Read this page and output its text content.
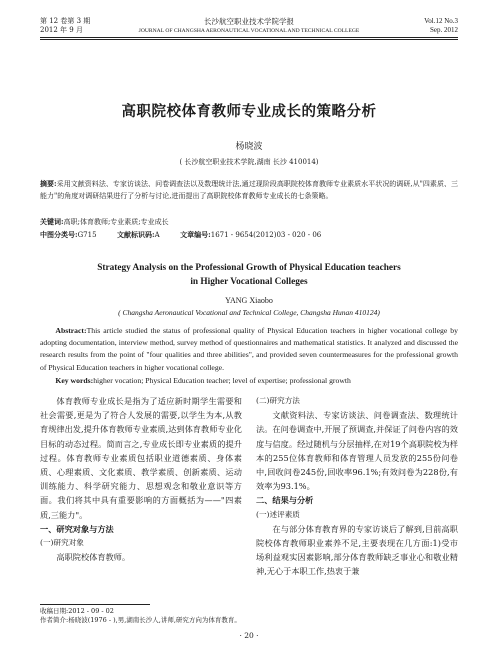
第 12 卷第 3 期
2012 年 9 月
长沙航空职业技术学院学报
JOURNAL OF CHANGSHA AERONAUTICAL VOCATIONAL AND TECHNICAL COLLEGE
Vol.12 No.3
Sep. 2012
高职院校体育教师专业成长的策略分析
杨晓波
( 长沙航空职业技术学院,湖南 长沙 410014)
摘要:采用文献资料法、专家访谈法、问卷调查法以及数理统计法,通过现阶段高职院校体育教师专业素质水平状况的调研,从"四素质、三能力"的角度对调研结果进行了分析与讨论,进而提出了高职院校体育教师专业成长的七条策略。
关键词:高职;体育教师;专业素质;专业成长
中图分类号:G715	文献标识码:A	文章编号:1671 - 9654(2012)03 - 020 - 06
Strategy Analysis on the Professional Growth of Physical Education teachers
in Higher Vocational Colleges
YANG Xiaobo
( Changsha Aeronautical Vocational and Technical College, Changsha Hunan 410124)
Abstract:This article studied the status of professional quality of Physical Education teachers in higher vocational college by adopting documentation, interview method, survey method of questionnaires and mathematical statistics. It analyzed and discussed the research results from the point of "four qualities and three abilities", and provided seven countermeasures for the professional growth of Physical Education teachers in higher vocational college.
Key words:higher vocation; Physical Education teacher; level of expertise; professional growth

体育教师专业成长是指为了适应新时期学生需要和社会需要,更是为了符合人发展的需要,以学生为本,从教育规律出发,提升体育教师专业素质,达到体育教师专业化目标的动态过程。简而言之,专业成长即专业素质的提升过程。体育教师专业素质包括职业道德素质、身体素质、心理素质、文化素质、教学素质、创新素质、运动训练能力、科学研究能力、思想观念和敬业意识等方面。我们将其中具有重要影响的方面概括为——"四素质,三能力"。

一、研究对象与方法

(一)研究对象

高职院校体育教师。

(二)研究方法

文献资料法、专家访谈法、问卷调查法、数理统计法。在问卷调查中,开展了预调查,并保证了问卷内容的效度与信度。经过随机与分层抽样,在对19个高职院校为样本的255位体育教师和体育管理人员发放的255份问卷中,回收问卷245份,回收率96.1%;有效问卷为228份,有效率为93.1%。

二、结果与分析

(一)述评素质

在与部分体育教育界的专家访谈后了解到,目前高职院校体育教师职业素养不足,主要表现在几方面:1)受市场利益观实因素影响,部分体育教师缺乏事业心和敬业精神,无心于本职工作,热衷于兼

收稿日期:2012 - 09 - 02
作者简介:杨晓波(1976 - ),男,湖南长沙人,讲师,研究方向为体育教育。
· 20 ·
